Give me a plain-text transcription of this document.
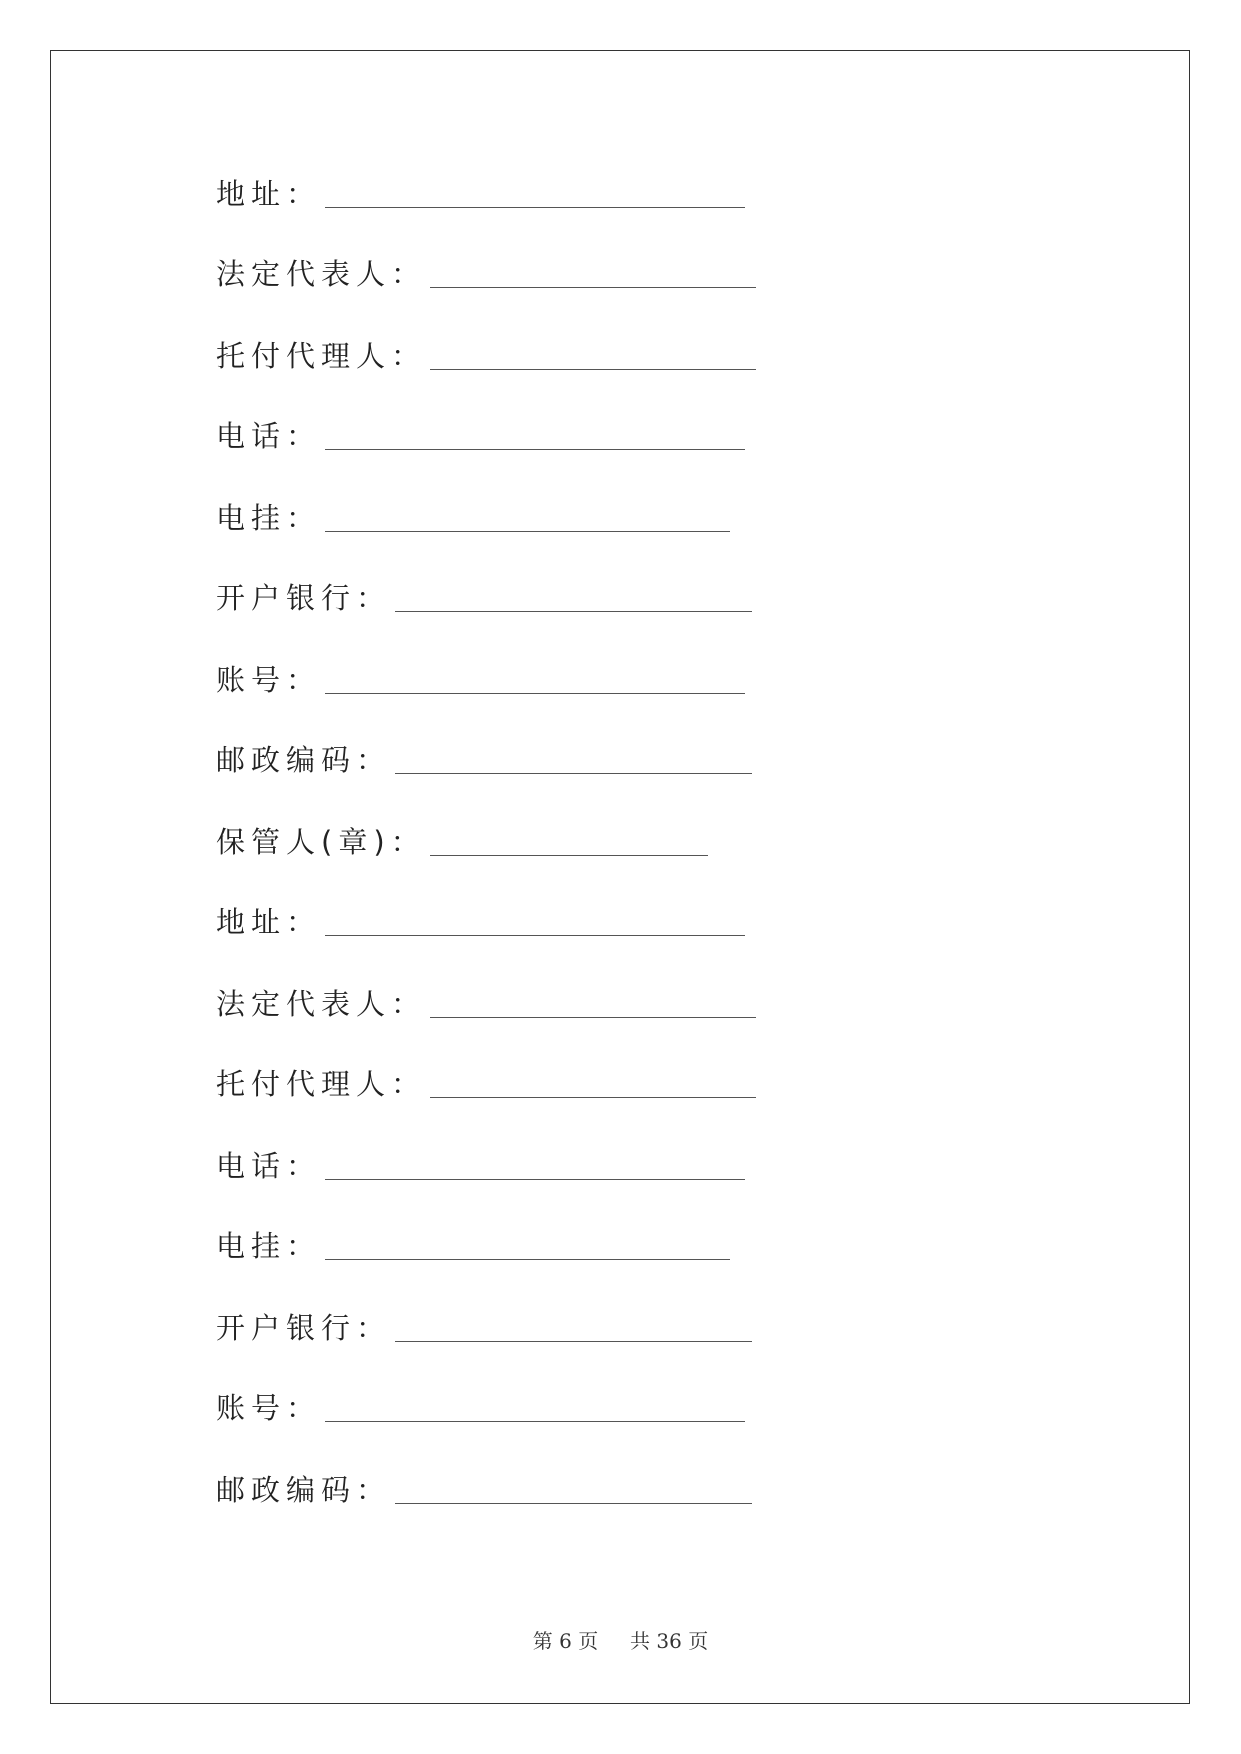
地址 ：
法定代表人 ：
托付代理人 ：
电话 ：
电挂 ：
开户银行 ：
账号 ：
邮政编码 ：
保管人(章) ：
地址 ：
法定代表人 ：
托付代理人 ：
电话 ：
电挂 ：
开户银行 ：
账号 ：
邮政编码 ：
第 6 页 共 36 页
